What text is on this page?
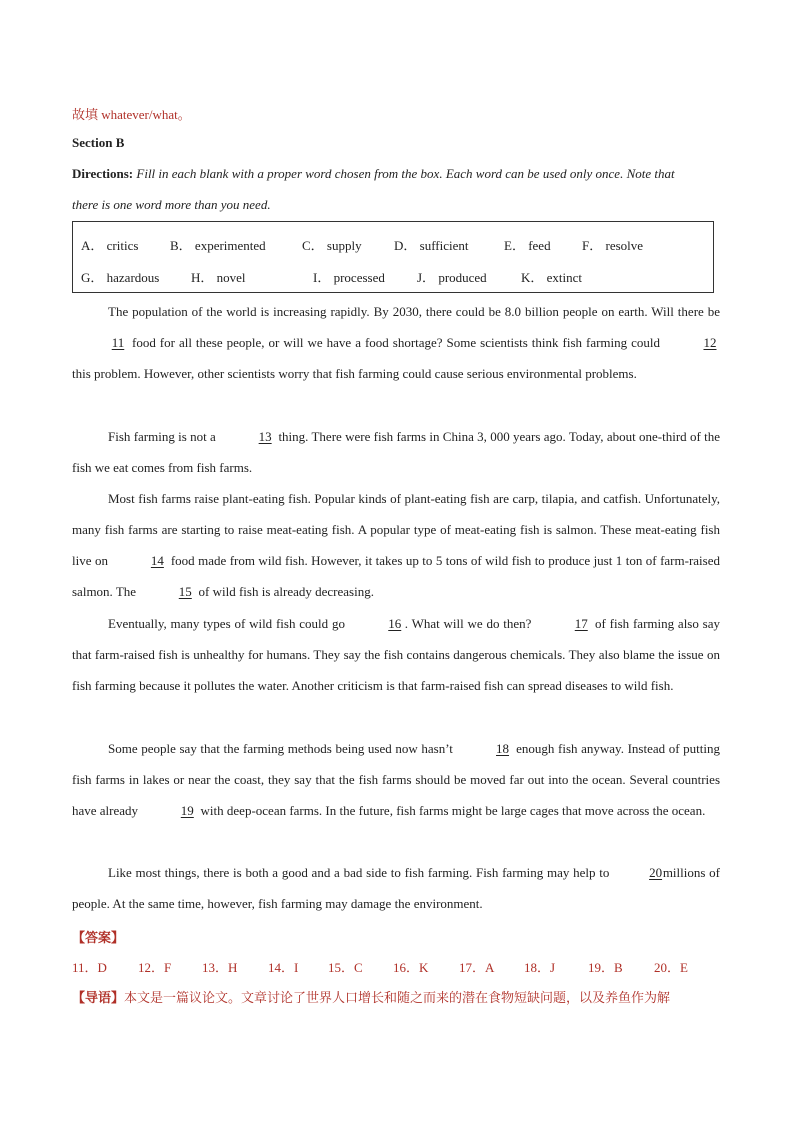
故填 whatever/what。
Section B
Directions: Fill in each blank with a proper word chosen from the box. Each word can be used only once. Note that
there is one word more than you need.
A． critics B． experimented	C． supply D． sufficient	E． feed F． resolve
G． hazardous H． novel	I． processed J． produced	K． extinct
The population of the world is increasing rapidly. By 2030, there could be 8.0 billion people on earth. Will there be 11 food for all these people, or will we have a food shortage? Some scientists think fish farming could	12 this problem. However, other scientists worry that fish farming could cause serious environmental problems.
Fish farming is not a	13 thing. There were fish farms in China 3, 000 years ago. Today, about one-third of the fish we eat comes from fish farms.
Most fish farms raise plant-eating fish. Popular kinds of plant-eating fish are carp, tilapia, and catfish. Unfortunately, many fish farms are starting to raise meat-eating fish. A popular type of meat-eating fish is salmon. These meat-eating fish live on	14 food made from wild fish. However, it takes up to 5 tons of wild fish to produce just 1 ton of farm-raised salmon. The	15 of wild fish is already decreasing.
Eventually, many types of wild fish could go	16 . What will we do then?	17 of fish farming also say that farm-raised fish is unhealthy for humans. They say the fish contains dangerous chemicals. They also blame the issue on fish farming because it pollutes the water. Another criticism is that farm-raised fish can spread diseases to wild fish.
Some people say that the farming methods being used now hasn’t	18 enough fish anyway. Instead of putting fish farms in lakes or near the coast, they say that the fish farms should be moved far out into the ocean. Several countries have already	19 with deep-ocean farms. In the future, fish farms might be large cages that move across the ocean.
Like most things, there is both a good and a bad side to fish farming. Fish farming may help to	20 millions of people. At the same time, however, fish farming may damage the environment.
【答案】
11．D 12．F 13．H 14．I 15．C 16．K 17．A 18．J	19．B 20．E
【导语】本文是一篇议论文。文章讨论了世界人口增长和随之而来的潜在食物短缺问题，以及养鱼作为解
